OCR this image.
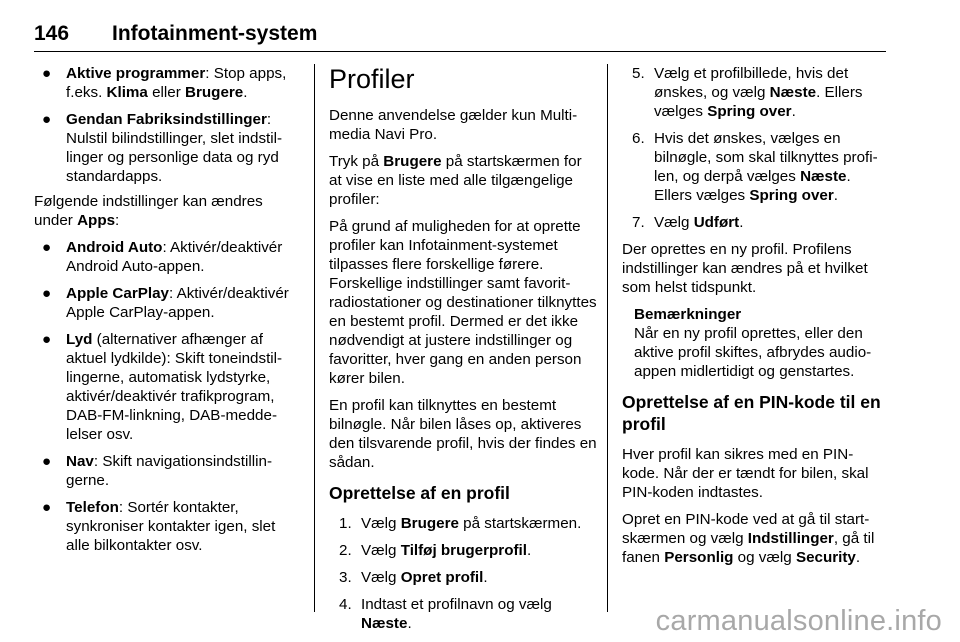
146 Infotainment-system
● Aktive programmer: Stop apps, f.eks. Klima eller Brugere.
● Gendan Fabriksindstillinger: Nulstil bilindstillinger, slet indstillinger og personlige data og ryd standardapps.

Følgende indstillinger kan ændres under Apps:

● Android Auto: Aktivér/deaktivér Android Auto-appen.
● Apple CarPlay: Aktivér/deaktivér Apple CarPlay-appen.
● Lyd (alternativer afhænger af aktuel lydkilde): Skift toneindstillingerne, automatisk lydstyrke, aktivér/deaktivér trafikprogram, DAB-FM-linkning, DAB-meddelelser osv.
● Nav: Skift navigationsindstillingerne.
● Telefon: Sortér kontakter, synkroniser kontakter igen, slet alle bilkontakter osv.
Profiler

Denne anvendelse gælder kun Multimedia Navi Pro.

Tryk på Brugere på startskærmen for at vise en liste med alle tilgængelige profiler:

På grund af muligheden for at oprette profiler kan Infotainment-systemet tilpasses flere forskellige førere. Forskellige indstillinger samt favoritradiostationer og destinationer tilknyttes en bestemt profil. Dermed er det ikke nødvendigt at justere indstillinger og favoritter, hver gang en anden person kører bilen.

En profil kan tilknyttes en bestemt bilnøgle. Når bilen låses op, aktiveres den tilsvarende profil, hvis der findes en sådan.

Oprettelse af en profil
1. Vælg Brugere på startskærmen.
2. Vælg Tilføj brugerprofil.
3. Vælg Opret profil.
4. Indtast et profilnavn og vælg Næste.
5. Vælg et profilbillede, hvis det ønskes, og vælg Næste. Ellers vælges Spring over.
6. Hvis det ønskes, vælges en bilnøgle, som skal tilknyttes profilen, og derpå vælges Næste. Ellers vælges Spring over.
7. Vælg Udført.

Der oprettes en ny profil. Profilens indstillinger kan ændres på et hvilket som helst tidspunkt.

Bemærkninger
Når en ny profil oprettes, eller den aktive profil skiftes, afbrydes audio-appen midlertidigt og genstartes.
Oprettelse af en PIN-kode til en profil

Hver profil kan sikres med en PIN-kode. Når der er tændt for bilen, skal PIN-koden indtastes.

Opret en PIN-kode ved at gå til startskærmen og vælg Indstillinger, gå til fanen Personlig og vælg Security.

carmanualsonline.info
